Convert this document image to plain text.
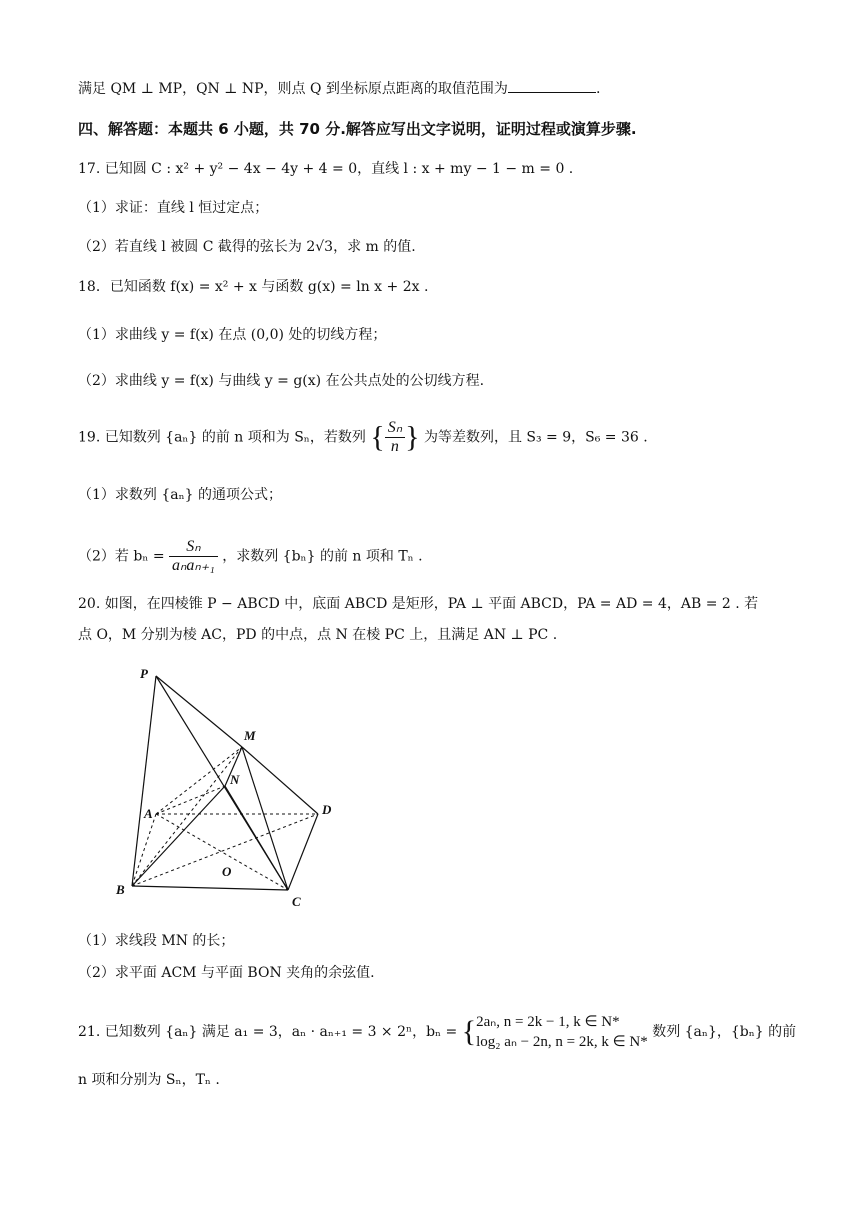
满足 QM ⊥ MP，QN ⊥ NP，则点 Q 到坐标原点距离的取值范围为	.
四、解答题：本题共 6 小题，共 70 分.解答应写出文字说明，证明过程或演算步骤.
17. 已知圆 C : x² + y² − 4x − 4y + 4 = 0，直线 l : x + my − 1 − m = 0 .
（1）求证：直线 l 恒过定点；
（2）若直线 l 被圆 C 截得的弦长为 2√3，求 m 的值.
18．已知函数 f(x) = x² + x 与函数 g(x) = ln x + 2x .
（1）求曲线 y = f(x) 在点 (0,0) 处的切线方程；
（2）求曲线 y = f(x) 与曲线 y = g(x) 在公共点处的公切线方程.
19. 已知数列 {aₙ} 的前 n 项和为 Sₙ，若数列 { $\frac{\text{Sₙ}}{n}$ } 为等差数列，且 S₃ = 9，S₆ = 36 .
（1）求数列 {aₙ} 的通项公式；
（2）若 $b_n = \frac{\text{Sₙ}}{\text{aₙaₙ₊₁}}$ ，求数列 {bₙ} 的前 n 项和 Tₙ .
20. 如图，在四棱锥 P − ABCD 中，底面 ABCD 是矩形，PA ⊥ 平面 ABCD，PA = AD = 4，AB = 2 . 若
点 O，M 分别为棱 AC，PD 的中点，点 N 在棱 PC 上，且满足 AN ⊥ PC .
P
M
N
A	D
O
B
C
（1）求线段 MN 的长；
（2）求平面 ACM 与平面 BON 夹角的余弦值.
21. 已知数列 {aₙ} 满足 a₁ = 3，aₙ · aₙ₊₁ = 3 × 2ⁿ，bₙ = { 2aₙ, n = 2k − 1, k ∈ N*
log₂ aₙ − 2n, n = 2k, k ∈ N*
数列 {aₙ}，{bₙ} 的前
n 项和分别为 Sₙ，Tₙ .
